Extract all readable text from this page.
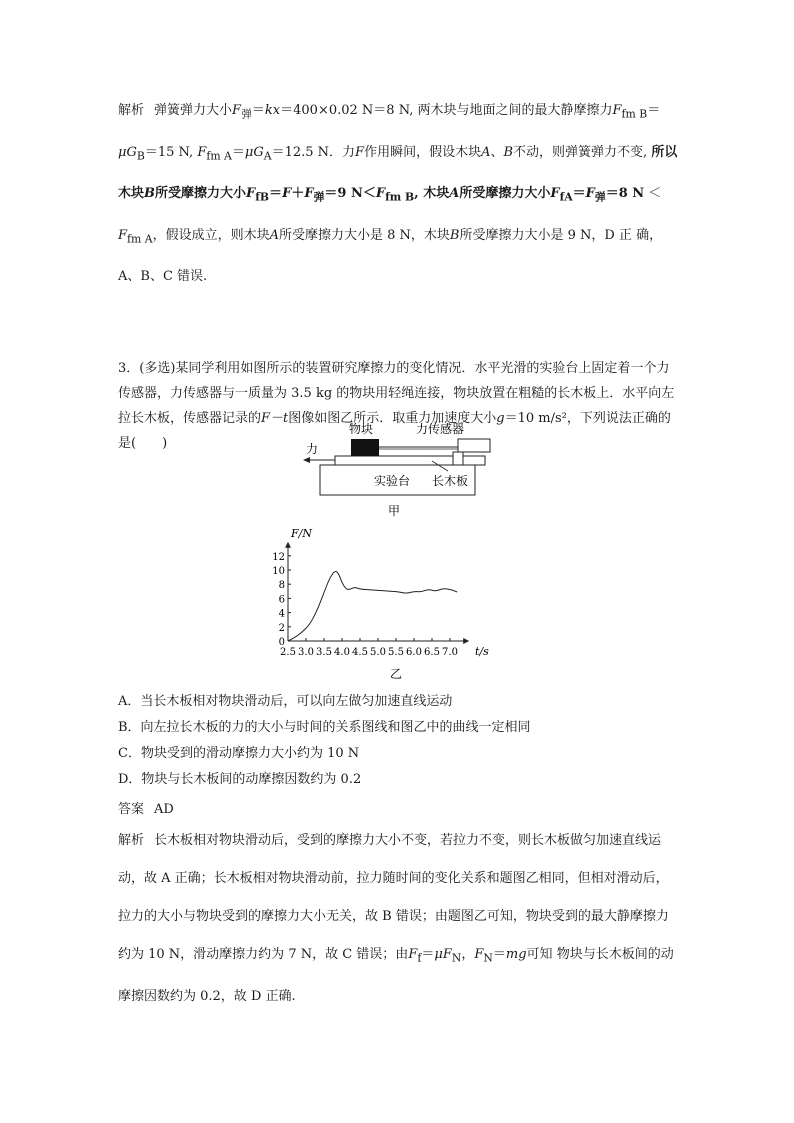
解析 弹簧弹力大小$F_弹=kx=400\times 0.02$ N＝8 N, 两木块与地面之间的最大静摩擦力$F_{fm B}=\mu G_B=15$ N, $F_{fm A}=\mu G_A=12.5$ N．力F作用瞬间，假设木块A、B不动，则弹簧弹力不变, 所以木块B所受摩擦力大小$F_{fB}=F+F_弹=9$ $N<F_{fm B}$, 木块A所受摩擦力大小$F_{fA}=F_弹=8$ $N <F_{fm A}$，假设成立，则木块A所受摩擦力大小是 8 N，木块B所受摩擦力大小是 9 N，D 正 确，A、B、C 错误.

3．(多选)某同学利用如图所示的装置研究摩擦力的变化情况．水平光滑的实验台上固定着一个力传感器，力传感器与一质量为 3.5 kg 的物块用轻绳连接，物块放置在粗糙的长木板上．水平向左拉长木板，传感器记录的F－t图像如图乙所示．取重力加速度大小g＝10 m/s²，下列说法正确的是(　　)

物块	力传感器
力
实验台 长木板
甲
0
2
4
6
8
10
12
2.5 3.0 3.5 4.0 4.5 5.0 5.5 6.0 6.5 7.0
F/N
t/s
乙

A．当长木板相对物块滑动后，可以向左做匀加速直线运动

B．向左拉长木板的力的大小与时间的关系图线和图乙中的曲线一定相同

C．物块受到的滑动摩擦力大小约为 10 N

D．物块与长木板间的动摩擦因数约为 0.2

答案 AD

解析 长木板相对物块滑动后，受到的摩擦力大小不变，若拉力不变，则长木板做匀加速直线运动，故 A 正确；长木板相对物块滑动前，拉力随时间的变化关系和题图乙相同，但相对滑动后，拉力的大小与物块受到的摩擦力大小无关，故 B 错误；由题图乙可知，物块受到的最大静摩擦力约为 10 N，滑动摩擦力约为 7 N，故 C 错误；由$F_f=\mu F_N$，$F_N=mg$可知 物块与长木板间的动摩擦因数约为 0.2，故 D 正确.
